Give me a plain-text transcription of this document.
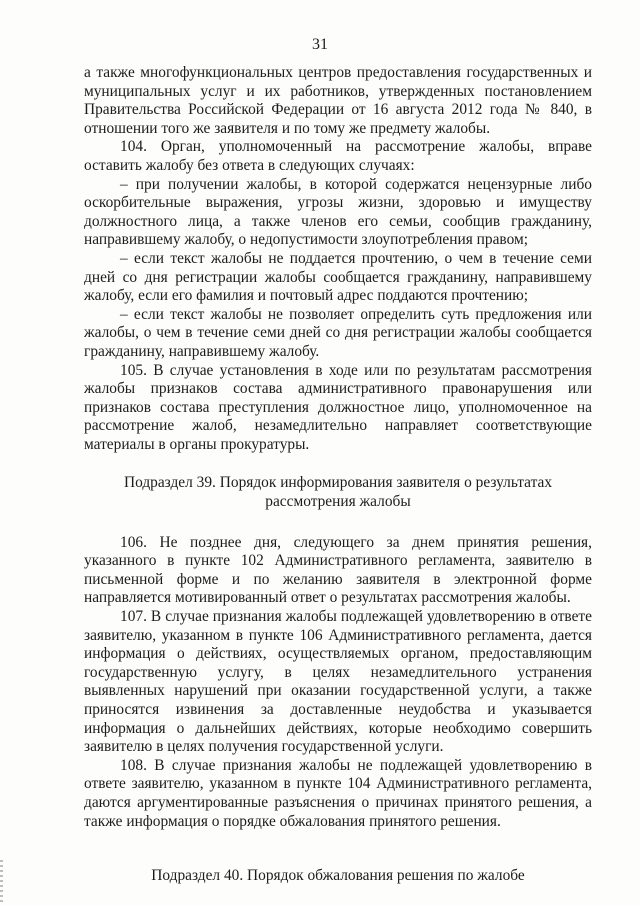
31

а также многофункциональных центров предоставления государственных и муниципальных услуг и их работников, утвержденных постановлением Правительства Российской Федерации от 16 августа 2012 года № 840, в отношении того же заявителя и по тому же предмету жалобы.

104. Орган, уполномоченный на рассмотрение жалобы, вправе оставить жалобу без ответа в следующих случаях:

– при получении жалобы, в которой содержатся нецензурные либо оскорбительные выражения, угрозы жизни, здоровью и имуществу должностного лица, а также членов его семьи, сообщив гражданину, направившему жалобу, о недопустимости злоупотребления правом;

– если текст жалобы не поддается прочтению, о чем в течение семи дней со дня регистрации жалобы сообщается гражданину, направившему жалобу, если его фамилия и почтовый адрес поддаются прочтению;

– если текст жалобы не позволяет определить суть предложения или жалобы, о чем в течение семи дней со дня регистрации жалобы сообщается гражданину, направившему жалобу.

105. В случае установления в ходе или по результатам рассмотрения жалобы признаков состава административного правонарушения или признаков состава преступления должностное лицо, уполномоченное на рассмотрение жалоб, незамедлительно направляет соответствующие материалы в органы прокуратуры.

Подраздел 39. Порядок информирования заявителя о результатах
рассмотрения жалобы

106. Не позднее дня, следующего за днем принятия решения, указанного в пункте 102 Административного регламента, заявителю в письменной форме и по желанию заявителя в электронной форме направляется мотивированный ответ о результатах рассмотрения жалобы.

107. В случае признания жалобы подлежащей удовлетворению в ответе заявителю, указанном в пункте 106 Административного регламента, дается информация о действиях, осуществляемых органом, предоставляющим государственную услугу, в целях незамедлительного устранения выявленных нарушений при оказании государственной услуги, а также приносятся извинения за доставленные неудобства и указывается информация о дальнейших действиях, которые необходимо совершить заявителю в целях получения государственной услуги.

108. В случае признания жалобы не подлежащей удовлетворению в ответе заявителю, указанном в пункте 104 Административного регламента, даются аргументированные разъяснения о причинах принятого решения, а также информация о порядке обжалования принятого решения.

Подраздел 40. Порядок обжалования решения по жалобе
